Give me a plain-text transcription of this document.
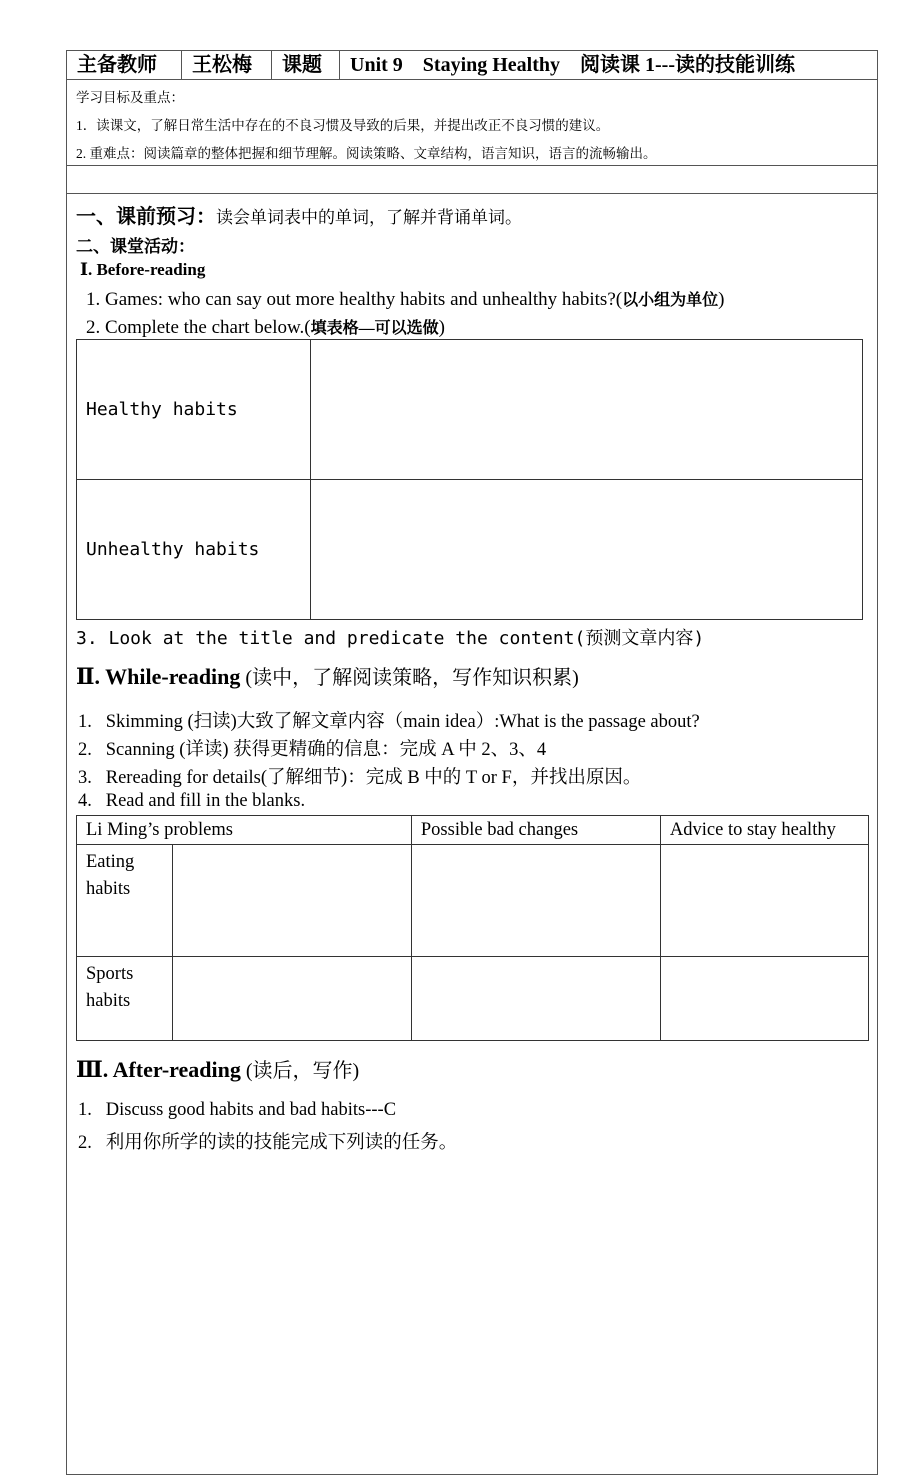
主备教师	王松梅	课题	Unit 9　Staying Healthy　阅读课 1---读的技能训练
学习目标及重点：
1．读课文，了解日常生活中存在的不良习惯及导致的后果，并提出改正不良习惯的建议。
2. 重难点：阅读篇章的整体把握和细节理解。阅读策略、文章结构，语言知识，语言的流畅输出。
一、课前预习：读会单词表中的单词，了解并背诵单词。
二、课堂活动：
Ⅰ. Before-reading
1. Games: who can say out more healthy habits and unhealthy habits?(以小组为单位)
2. Complete the chart below.(填表格—可以选做)
Healthy habits	
Unhealthy habits	
3. Look at the title and predicate the content(预测文章内容)
Ⅱ. While-reading (读中，了解阅读策略，写作知识积累)
1.   Skimming (扫读)大致了解文章内容（main idea）:What is the passage about?
2.   Scanning (详读) 获得更精确的信息：完成 A 中 2、3、4
3.   Rereading for details(了解细节)：完成 B 中的 T or F，并找出原因。
4.   Read and fill in the blanks.
Li Ming’s problems		Possible bad changes	Advice to stay healthy

Eating
habits			

Sports
habits			

Ⅲ. After-reading (读后，写作)
1.   Discuss good habits and bad habits---C
2.   利用你所学的读的技能完成下列读的任务。
